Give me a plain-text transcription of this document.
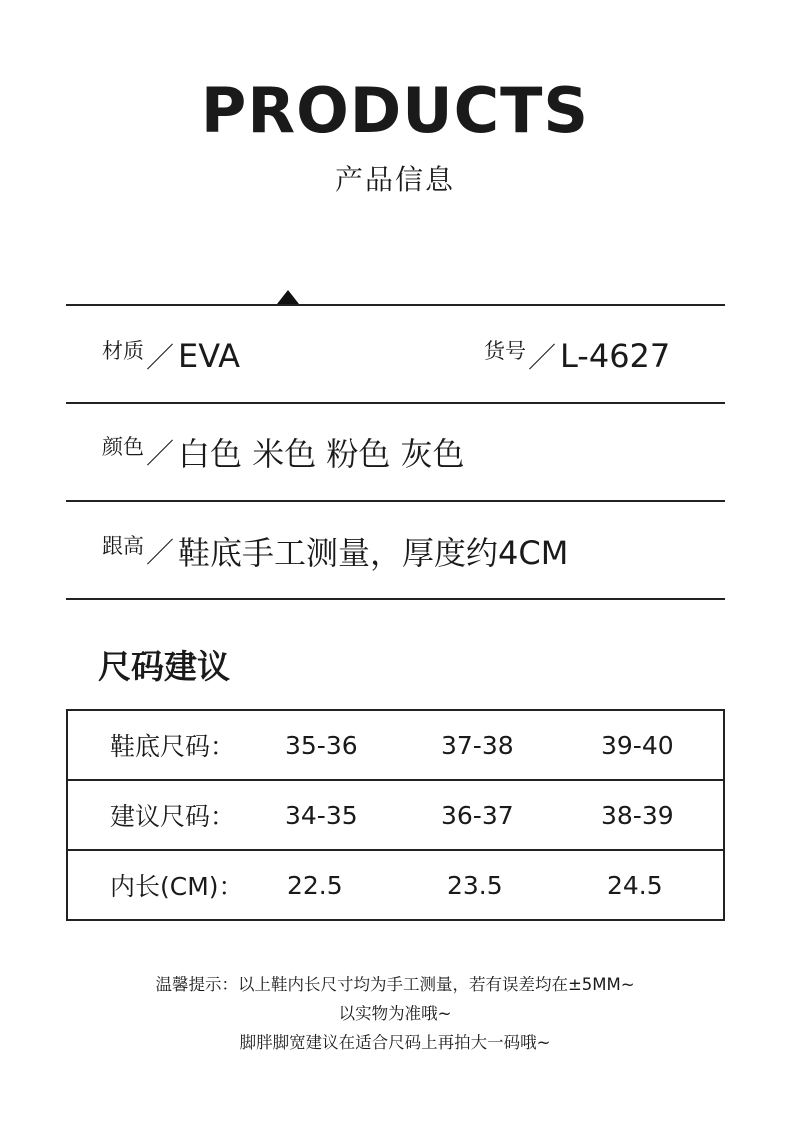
PRODUCTS
产品信息
材质 ／ EVA	货号 ／ L-4627
颜色 ／ 白色 米色 粉色 灰色
跟高 ／ 鞋底手工测量，厚度约4CM
尺码建议
鞋底尺码：	35-36	37-38	39-40
建议尺码：	34-35	36-37	38-39
内长(CM)：	22.5	23.5	24.5
温馨提示：以上鞋内长尺寸均为手工测量，若有误差均在±5MM~
以实物为准哦~
脚胖脚宽建议在适合尺码上再拍大一码哦~
